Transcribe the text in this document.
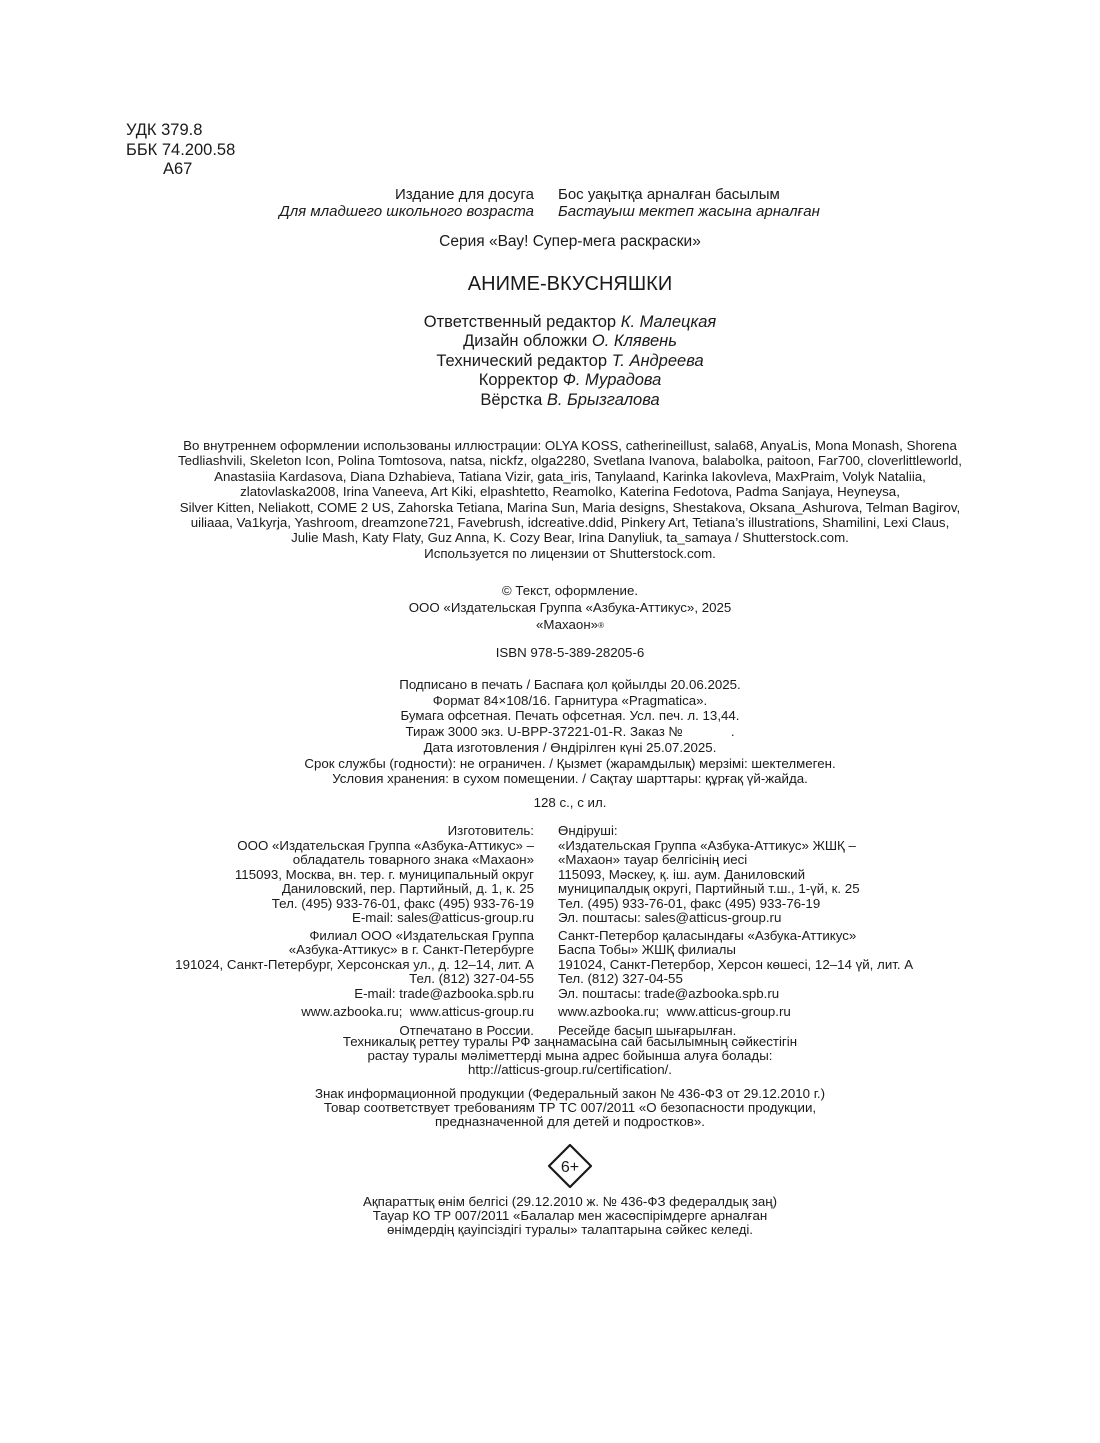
УДК 379.8
ББК 74.200.58
А67
Издание для досуга	Бос уақытқа арналған басылым
Для младшего школьного возраста	Бастауыш мектеп жасына арналған
Серия «Вау! Супер-мега раскраски»
АНИМЕ-ВКУСНЯШКИ
Ответственный редактор К. Малецкая
Дизайн обложки О. Клявень
Технический редактор Т. Андреева
Корректор Ф. Мурадова
Вёрстка В. Брызгалова
Во внутреннем оформлении использованы иллюстрации: OLYA KOSS, catherineillust, sala68, AnyaLis, Mona Monash, Shorena
Tedliashvili, Skeleton Icon, Polina Tomtosova, natsa, nickfz, olga2280, Svetlana Ivanova, balabolka, paitoon, Far700, cloverlittleworld,
Anastasiia Kardasova, Diana Dzhabieva, Tatiana Vizir, gata_iris, Tanylaand, Karinka Iakovleva, MaxPraim, Volyk Nataliia,
zlatovlaska2008, Irina Vaneeva, Art Kiki, elpashtetto, Reamolko, Katerina Fedotova, Padma Sanjaya, Heyneysa,
Silver Kitten, Neliakott, COME 2 US, Zahorska Tetiana, Marina Sun, Maria designs, Shestakova, Oksana_Ashurova, Telman Bagirov,
uiliaaa, Va1kyrja, Yashroom, dreamzone721, Favebrush, idcreative.ddid, Pinkery Art, Tetiana’s illustrations, Shamilini, Lexi Claus,
Julie Mash, Katy Flaty, Guz Anna, K. Cozy Bear, Irina Danyliuk, ta_samaya / Shutterstock.com.
Используется по лицензии от Shutterstock.com.
© Текст, оформление.
ООО «Издательская Группа «Азбука-Аттикус», 2025
«Махаон»®
ISBN 978-5-389-28205-6
Подписано в печать / Баспаға қол қойылды 20.06.2025.
Формат 84×108/16. Гарнитура «Pragmatica».
Бумага офсетная. Печать офсетная. Усл. печ. л. 13,44.
Тираж 3000 экз. U-BPP-37221-01-R. Заказ №             .
Дата изготовления / Өндірілген күні 25.07.2025.
Срок службы (годности): не ограничен. / Қызмет (жарамдылық) мерзімі: шектелмеген.
Условия хранения: в сухом помещении. / Сақтау шарттары: құрғақ үй-жайда.
128 с., с ил.
Изготовитель:	Өндіруші:
ООО «Издательская Группа «Азбука-Аттикус» –	«Издательская Группа «Азбука-Аттикус» ЖШҚ –
обладатель товарного знака «Махаон»	«Махаон» тауар белгісінің иесі
115093, Москва, вн. тер. г. муниципальный округ	115093, Мәскеу, қ. іш. аум. Даниловский
Даниловский, пер. Партийный, д. 1, к. 25	муниципалдық округі, Партийный т.ш., 1-үй, к. 25
Тел. (495) 933-76-01, факс (495) 933-76-19	Тел. (495) 933-76-01, факс (495) 933-76-19
E-mail: sales@atticus-group.ru	Эл. поштасы: sales@atticus-group.ru
Филиал ООО «Издательская Группа	Санкт-Петербор қаласындағы «Азбука-Аттикус»
«Азбука-Аттикус» в г. Санкт-Петербурге	Баспа Тобы» ЖШҚ филиалы
191024, Санкт-Петербург, Херсонская ул., д. 12–14, лит. А	191024, Санкт-Петербор, Херсон көшесі, 12–14 үй, лит. А
Тел. (812) 327-04-55	Тел. (812) 327-04-55
E-mail: trade@azbooka.spb.ru	Эл. поштасы: trade@azbooka.spb.ru
www.azbooka.ru;  www.atticus-group.ru	www.azbooka.ru;  www.atticus-group.ru
Отпечатано в России.	Ресейде басып шығарылған.
Техникалық реттеу туралы РФ заңнамасына сай басылымның сәйкестігін
растау туралы мәліметтерді мына адрес бойынша алуға болады:
http://atticus-group.ru/certification/.
Знак информационной продукции (Федеральный закон № 436-ФЗ от 29.12.2010 г.)
Товар соответствует требованиям ТР ТС 007/2011 «О безопасности продукции,
предназначенной для детей и подростков».
6+
Ақпараттық өнім белгісі (29.12.2010 ж. № 436-ФЗ федералдық заң)
Тауар КО ТР 007/2011 «Балалар мен жасөспірімдерге арналған
өнімдердің қауіпсіздігі туралы» талаптарына сәйкес келеді.
